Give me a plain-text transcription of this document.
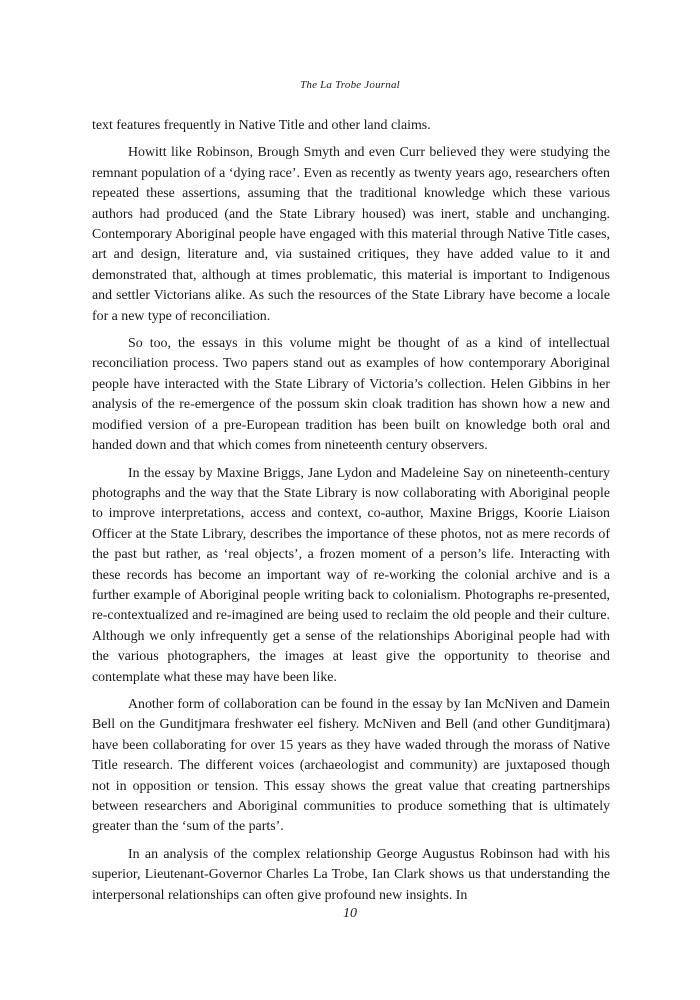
The La Trobe Journal

text features frequently in Native Title and other land claims.

Howitt like Robinson, Brough Smyth and even Curr believed they were studying the remnant population of a ‘dying race’. Even as recently as twenty years ago, researchers often repeated these assertions, assuming that the traditional knowledge which these various authors had produced (and the State Library housed) was inert, stable and unchanging. Contemporary Aboriginal people have engaged with this material through Native Title cases, art and design, literature and, via sustained critiques, they have added value to it and demonstrated that, although at times problematic, this material is important to Indigenous and settler Victorians alike. As such the resources of the State Library have become a locale for a new type of reconciliation.

So too, the essays in this volume might be thought of as a kind of intellectual reconciliation process. Two papers stand out as examples of how contemporary Aboriginal people have interacted with the State Library of Victoria’s collection. Helen Gibbins in her analysis of the re-emergence of the possum skin cloak tradition has shown how a new and modified version of a pre-European tradition has been built on knowledge both oral and handed down and that which comes from nineteenth century observers.

In the essay by Maxine Briggs, Jane Lydon and Madeleine Say on nineteenth-century photographs and the way that the State Library is now collaborating with Aboriginal people to improve interpretations, access and context, co-author, Maxine Briggs, Koorie Liaison Officer at the State Library, describes the importance of these photos, not as mere records of the past but rather, as ‘real objects’, a frozen moment of a person’s life. Interacting with these records has become an important way of re-working the colonial archive and is a further example of Aboriginal people writing back to colonialism. Photographs re-presented, re-contextualized and re-imagined are being used to reclaim the old people and their culture. Although we only infrequently get a sense of the relationships Aboriginal people had with the various photographers, the images at least give the opportunity to theorise and contemplate what these may have been like.

Another form of collaboration can be found in the essay by Ian McNiven and Damein Bell on the Gunditjmara freshwater eel fishery. McNiven and Bell (and other Gunditjmara) have been collaborating for over 15 years as they have waded through the morass of Native Title research. The different voices (archaeologist and community) are juxtaposed though not in opposition or tension. This essay shows the great value that creating partnerships between researchers and Aboriginal communities to produce something that is ultimately greater than the ‘sum of the parts’.

In an analysis of the complex relationship George Augustus Robinson had with his superior, Lieutenant-Governor Charles La Trobe, Ian Clark shows us that understanding the interpersonal relationships can often give profound new insights. In

10
